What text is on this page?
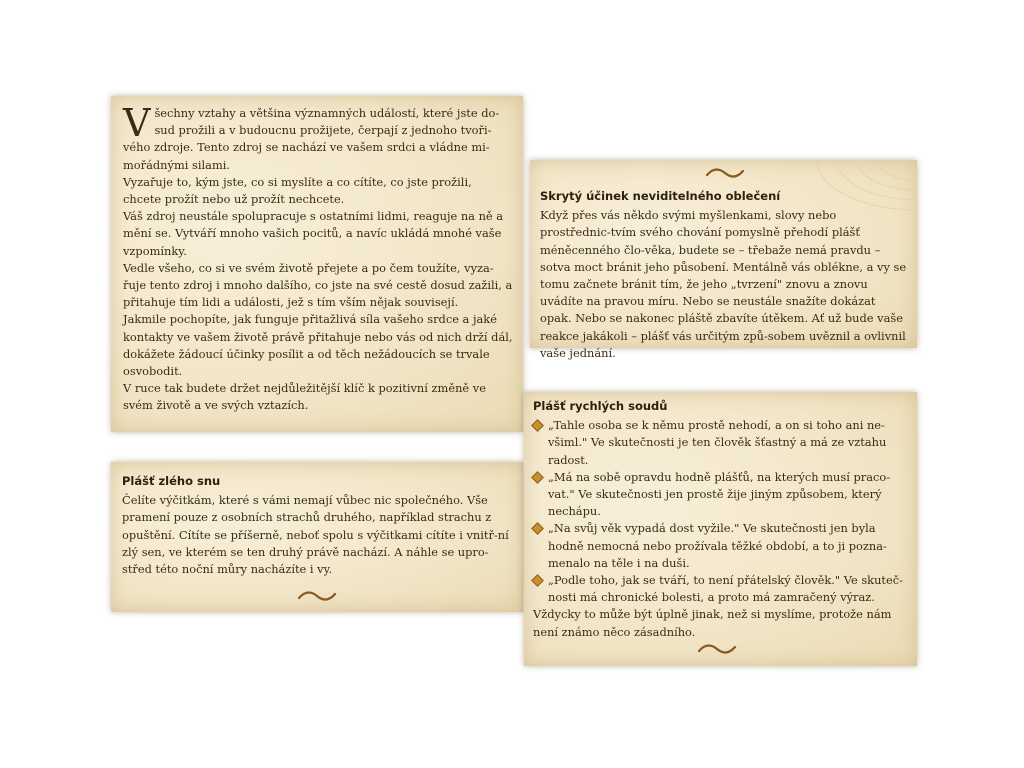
V šechny vztahy a většina významných událostí, které jste do-sud prožili a v budoucnu prožijete, čerpají z jednoho tvoři-vého zdroje. Tento zdroj se nachází ve vašem srdci a vládne mi-mořádnými silami.

Vyzařuje to, kým jste, co si myslíte a co cítíte, co jste prožili, chcete prožít nebo už prožít nechcete.

Váš zdroj neustále spolupracuje s ostatními lidmi, reaguje na ně a mění se. Vytváří mnoho vašich pocitů, a navíc ukládá mnohé vaše vzpomínky.

Vedle všeho, co si ve svém životě přejete a po čem toužíte, vyza-řuje tento zdroj i mnoho dalšího, co jste na své cestě dosud zažili, a přitahuje tím lidi a události, jež s tím vším nějak souvisejí.

Jakmile pochopíte, jak funguje přitažlivá síla vašeho srdce a jaké kontakty ve vašem životě právě přitahuje nebo vás od nich drží dál, dokážete žádoucí účinky posílit a od těch nežádoucích se trvale osvobodit.

V ruce tak budete držet nejdůležitější klíč k pozitivní změně ve svém životě a ve svých vztazích.

Skrytý účinek neviditelného oblečení

Když přes vás někdo svými myšlenkami, slovy nebo prostřednic-tvím svého chování pomyslně přehodí plášť méněcenného člo-věka, budete se – třebaže nemá pravdu – sotva moct bránit jeho působení. Mentálně vás oblékne, a vy se tomu začnete bránit tím, že jeho „tvrzení" znovu a znovu uvádíte na pravou míru. Nebo se neustále snažíte dokázat opak. Nebo se nakonec pláště zbavíte útěkem. Ať už bude vaše reakce jakákoli – plášť vás určitým způ-sobem uvěznil a ovlivnil vaše jednání.

Plášť zlého snu

Čelíte výčitkám, které s vámi nemají vůbec nic společného. Vše pramení pouze z osobních strachů druhého, například strachu z opuštění. Cítíte se příšerně, neboť spolu s výčitkami cítíte i vnitř-ní zlý sen, ve kterém se ten druhý právě nachází. A náhle se upro-střed této noční můry nacházíte i vy.

Plášť rychlých soudů
„Tahle osoba se k němu prostě nehodí, a on si toho ani ne-všiml." Ve skutečnosti je ten člověk šťastný a má ze vztahu radost.
„Má na sobě opravdu hodně plášťů, na kterých musí praco-vat." Ve skutečnosti jen prostě žije jiným způsobem, který nechápu.
„Na svůj věk vypadá dost vyžile." Ve skutečnosti jen byla hodně nemocná nebo prožívala těžké období, a to ji pozna-menalo na těle i na duši.
„Podle toho, jak se tváří, to není přátelský člověk." Ve skuteč-nosti má chronické bolesti, a proto má zamračený výraz.

Vždycky to může být úplně jinak, než si myslíme, protože nám není známo něco zásadního.
